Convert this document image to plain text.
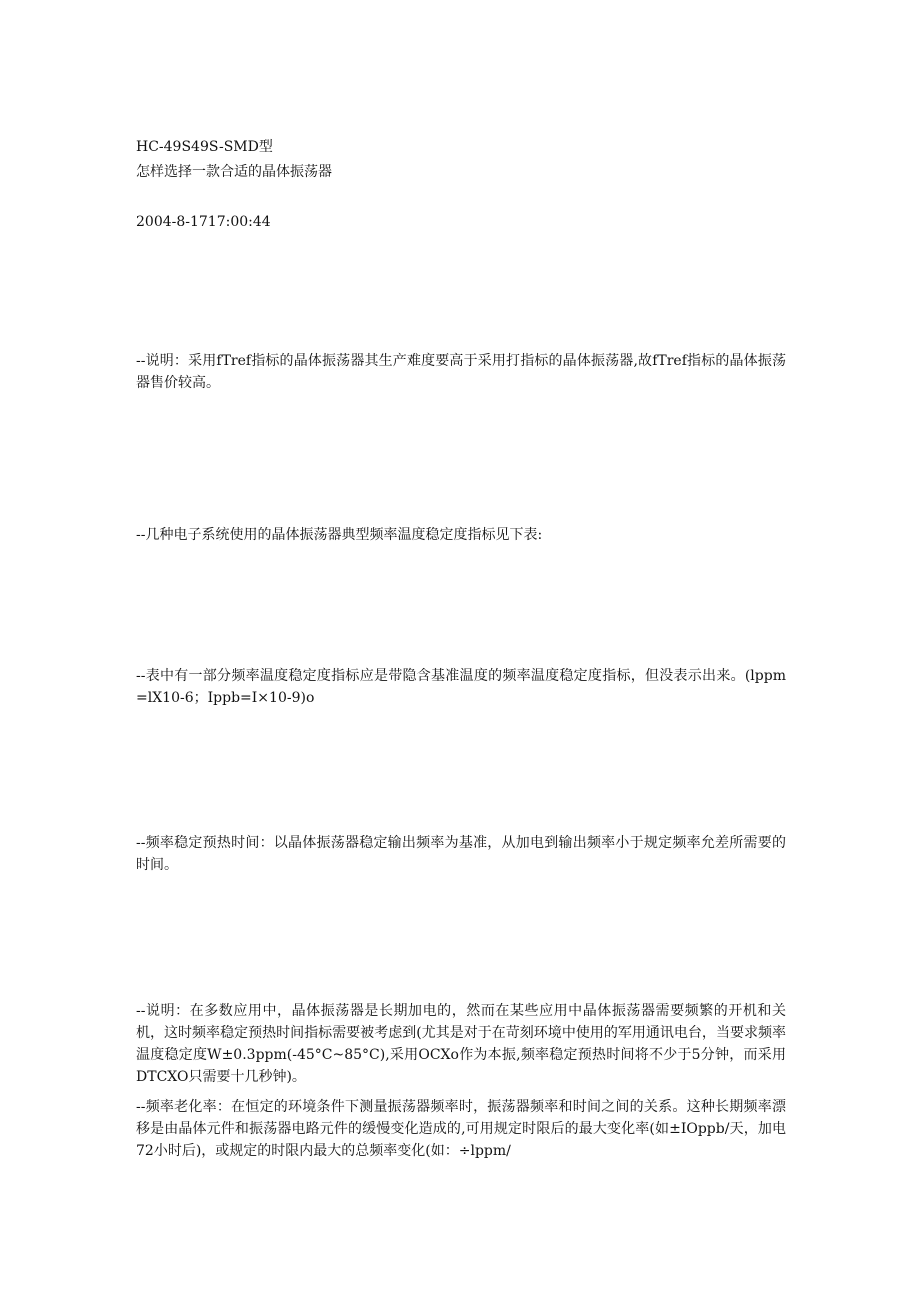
HC-49S49S-SMD型

怎样选择一款合适的晶体振荡器

2004-8-1717:00:44

--说明：采用fTref指标的晶体振荡器其生产难度要高于采用打指标的晶体振荡器,故fTref指标的晶体振荡器售价较高。

--几种电子系统使用的晶体振荡器典型频率温度稳定度指标见下表:

--表中有一部分频率温度稳定度指标应是带隐含基准温度的频率温度稳定度指标，但没表示出来。(lppm=lX10-6；Ippb=I×10-9)o

--频率稳定预热时间：以晶体振荡器稳定输出频率为基准，从加电到输出频率小于规定频率允差所需要的时间。

--说明：在多数应用中，晶体振荡器是长期加电的，然而在某些应用中晶体振荡器需要频繁的开机和关机，这时频率稳定预热时间指标需要被考虑到(尤其是对于在苛刻环境中使用的军用通讯电台，当要求频率温度稳定度W±0.3ppm(-45°C~85°C),采用OCXo作为本振,频率稳定预热时间将不少于5分钟，而采用DTCXO只需要十几秒钟)。

--频率老化率：在恒定的环境条件下测量振荡器频率时，振荡器频率和时间之间的关系。这种长期频率漂移是由晶体元件和振荡器电路元件的缓慢变化造成的,可用规定时限后的最大变化率(如±IOppb/天，加电72小时后)，或规定的时限内最大的总频率变化(如：÷lppm∕
